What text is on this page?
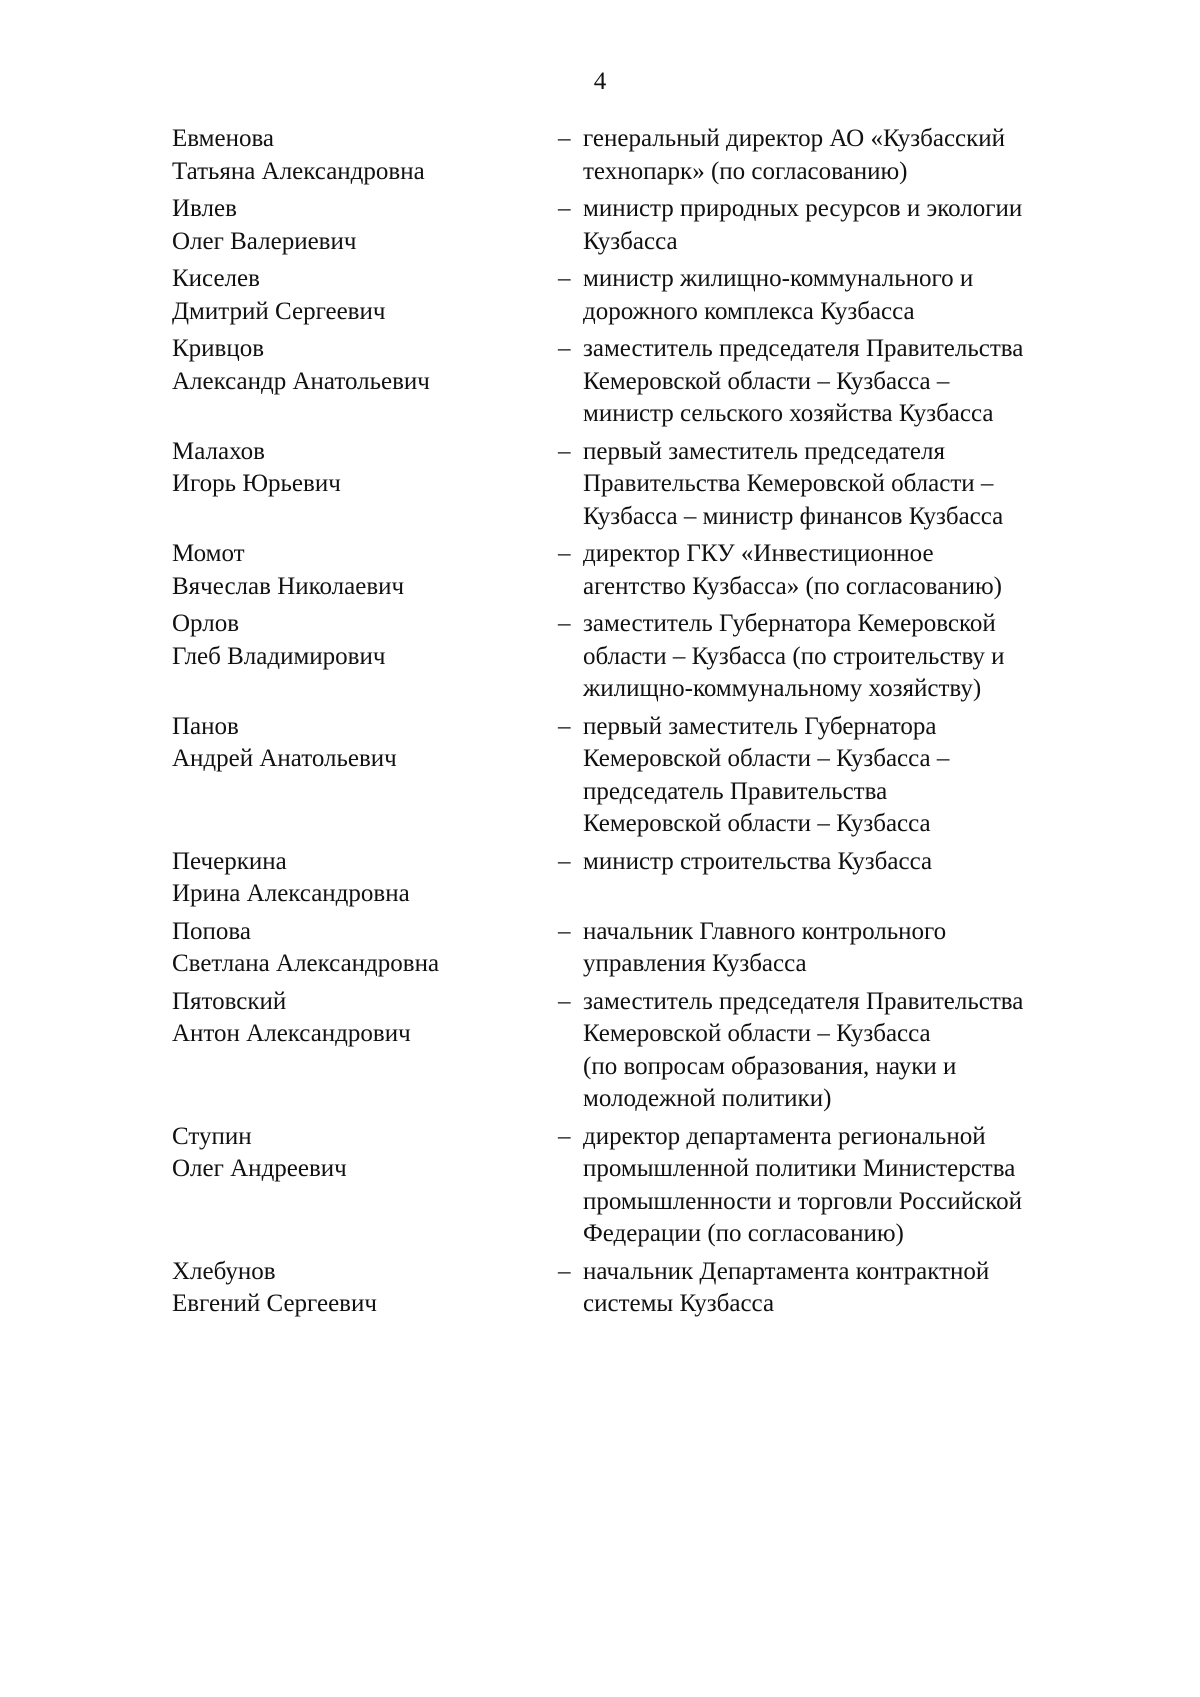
4
Евменова
Татьяна Александровна
– генеральный директор АО «Кузбасский
технопарк» (по согласованию)
Ивлев
Олег Валериевич
– министр природных ресурсов и экологии
Кузбасса
Киселев
Дмитрий Сергеевич
– министр жилищно-коммунального и
дорожного комплекса Кузбасса
Кривцов
Александр Анатольевич
– заместитель председателя Правительства
Кемеровской области – Кузбасса –
министр сельского хозяйства Кузбасса
Малахов
Игорь Юрьевич
– первый заместитель председателя
Правительства Кемеровской области –
Кузбасса – министр финансов Кузбасса
Момот
Вячеслав Николаевич
– директор ГКУ «Инвестиционное
агентство Кузбасса» (по согласованию)
Орлов
Глеб Владимирович
– заместитель Губернатора Кемеровской
области – Кузбасса (по строительству и
жилищно-коммунальному хозяйству)
Панов
Андрей Анатольевич
– первый заместитель Губернатора
Кемеровской области – Кузбасса –
председатель Правительства
Кемеровской области – Кузбасса
Печеркина
Ирина Александровна
– министр строительства Кузбасса
Попова
Светлана Александровна
– начальник Главного контрольного
управления Кузбасса
Пятовский
Антон Александрович
– заместитель председателя Правительства
Кемеровской области – Кузбасса
(по вопросам образования, науки и
молодежной политики)
Ступин
Олег Андреевич
– директор департамента региональной
промышленной политики Министерства
промышленности и торговли Российской
Федерации (по согласованию)
Хлебунов
Евгений Сергеевич
– начальник Департамента контрактной
системы Кузбасса
